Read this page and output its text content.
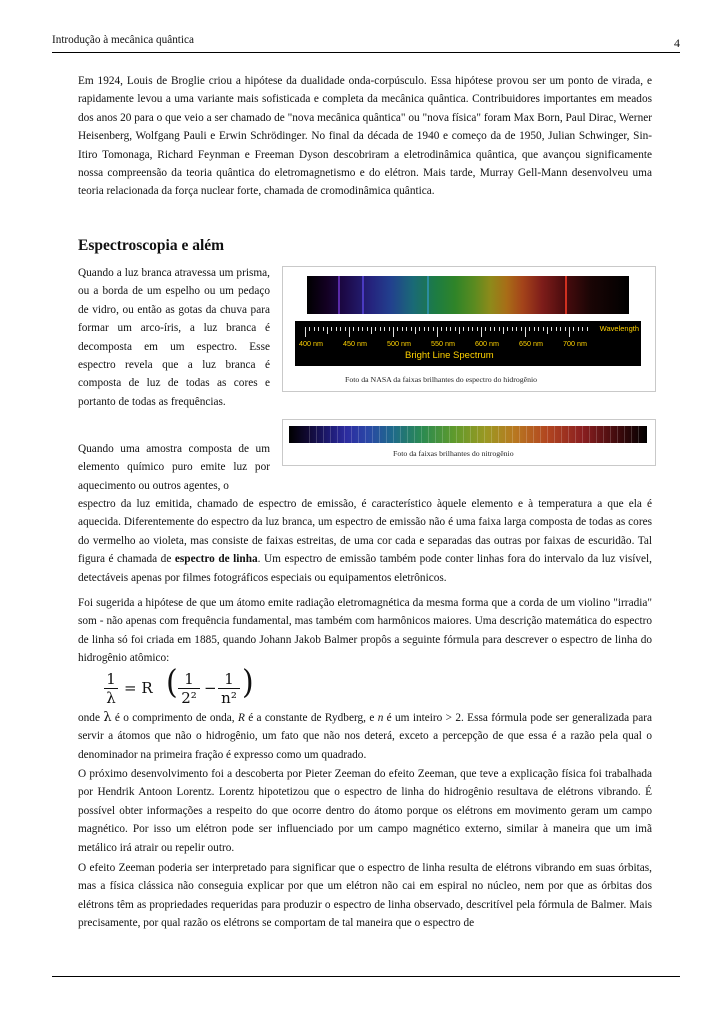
Introdução à mecânica quântica	4

Em 1924, Louis de Broglie criou a hipótese da dualidade onda-corpúsculo. Essa hipótese provou ser um ponto de virada, e rapidamente levou a uma variante mais sofisticada e completa da mecânica quântica. Contribuidores importantes em meados dos anos 20 para o que veio a ser chamado de "nova mecânica quântica" ou "nova física" foram Max Born, Paul Dirac, Werner Heisenberg, Wolfgang Pauli e Erwin Schrödinger. No final da década de 1940 e começo da de 1950, Julian Schwinger, Sin-Itiro Tomonaga, Richard Feynman e Freeman Dyson descobriram a eletrodinâmica quântica, que avançou significamente nossa compreensão da teoria quântica do eletromagnetismo e do elétron. Mais tarde, Murray Gell-Mann desenvolveu uma teoria relacionada da força nuclear forte, chamada de cromodinâmica quântica.

Espectroscopia e além

Quando a luz branca atravessa um prisma, ou a borda de um espelho ou um pedaço de vidro, ou então as gotas da chuva para formar um arco-íris, a luz branca é decomposta em um espectro. Esse espectro revela que a luz branca é composta de luz de todas as cores e portanto de todas as frequências.

Wavelength
400 nm	450 nm	500 nm	550 nm	600 nm	650 nm	700 nm
Bright Line Spectrum
Foto da NASA da faixas brilhantes do espectro do hidrogênio
Foto da faixas brilhantes do nitrogênio

Quando uma amostra composta de um elemento químico puro emite luz por aquecimento ou outros agentes, o

espectro da luz emitida, chamado de espectro de emissão, é característico àquele elemento e à temperatura a que ela é aquecida. Diferentemente do espectro da luz branca, um espectro de emissão não é uma faixa larga composta de todas as cores do vermelho ao violeta, mas consiste de faixas estreitas, de uma cor cada e separadas das outras por faixas de escuridão. Tal figura é chamada de espectro de linha. Um espectro de emissão também pode conter linhas fora do intervalo da luz visível, detectáveis apenas por filmes fotográficos especiais ou equipamentos eletrônicos.

Foi sugerida a hipótese de que um átomo emite radiação eletromagnética da mesma forma que a corda de um violino "irradia" som - não apenas com frequência fundamental, mas também com harmônicos maiores. Uma descrição matemática do espectro de linha só foi criada em 1885, quando Johann Jakob Balmer propôs a seguinte fórmula para descrever o espectro de linha do hidrogênio atômico:

$\frac{1}{\lambda} = R$ ( $\frac{1}{\text{2²}} - \frac{1}{\text{n²}}$ )

onde λ é o comprimento de onda, R é a constante de Rydberg, e n é um inteiro > 2. Essa fórmula pode ser generalizada para servir a átomos que não o hidrogênio, um fato que não nos deterá, exceto a percepção de que essa é a razão pela qual o denominador na primeira fração é expresso como um quadrado.

O próximo desenvolvimento foi a descoberta por Pieter Zeeman do efeito Zeeman, que teve a explicação física foi trabalhada por Hendrik Antoon Lorentz. Lorentz hipotetizou que o espectro de linha do hidrogênio resultava de elétrons vibrando. É possível obter informações a respeito do que ocorre dentro do átomo porque os elétrons em movimento geram um campo magnético. Por isso um elétron pode ser influenciado por um campo magnético externo, similar à maneira que um imã metálico irá atrair ou repelir outro.

O efeito Zeeman poderia ser interpretado para significar que o espectro de linha resulta de elétrons vibrando em suas órbitas, mas a física clássica não conseguia explicar por que um elétron não cai em espiral no núcleo, nem por que as órbitas dos elétrons têm as propriedades requeridas para produzir o espectro de linha observado, descritível pela fórmula de Balmer. Mais precisamente, por qual razão os elétrons se comportam de tal maneira que o espectro de
